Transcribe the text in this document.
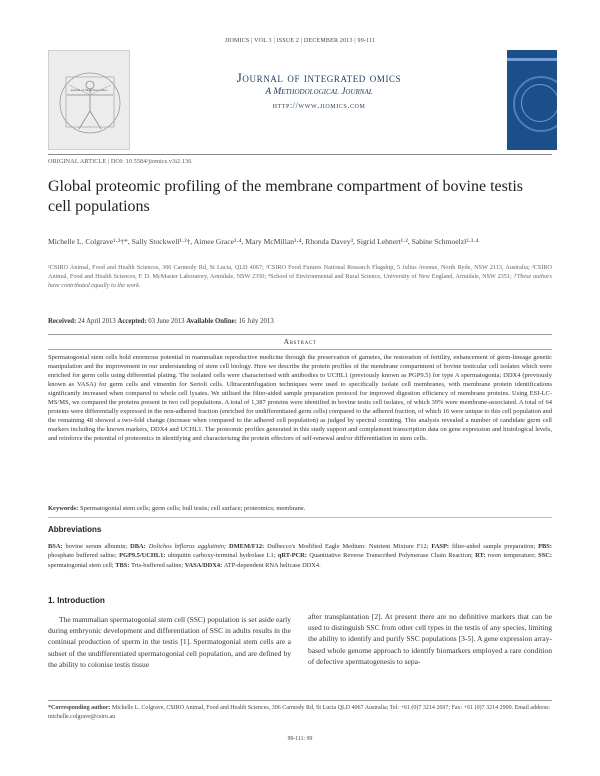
JIOMICS | VOL 3 | ISSUE 2 | DECEMBER 2013 | 99-111
journal of integrated omics
Journal of integrated omics
A Methodological Journal
http://www.jiomics.com
ORIGINAL ARTICLE | DOI: 10.5584/jiomics.v3i2.136
Global proteomic profiling of the membrane compartment of bovine testis cell populations
Michelle L. Colgrave¹·²†*, Sally Stockwell¹·²†, Aimee Grace³·⁴, Mary McMillan³·⁴, Rhonda Davey³, Sigrid Lehnert¹·², Sabine Schmoelzl²·³·⁴
¹CSIRO Animal, Food and Health Sciences, 306 Carmody Rd, St Lucia, QLD 4067; ²CSIRO Food Futures National Research Flagship, 5 Julius Avenue, North Ryde, NSW 2113, Australia; ³CSIRO Animal, Food and Health Sciences, F. D. McMaster Laboratory, Armidale, NSW 2350; ⁴School of Environmental and Rural Science, University of New England, Armidale, NSW 2351; †These authors have contributed equally to the work.
Received: 24 April 2013 Accepted: 03 June 2013 Available Online: 16 July 2013
Abstract
Spermatogonial stem cells hold enormous potential in mammalian reproductive medicine through the preservation of gametes, the restoration of fertility, enhancement of germ-lineage genetic manipulation and the improvement in our understanding of stem cell biology. Here we describe the protein profiles of the membrane compartment of bovine testicular cell isolates which were enriched for germ cells using differential plating. The isolated cells were characterised with antibodies to UCHL1 (previously known as PGP9.5) for type A spermatogonia; DDX4 (previously known as VASA) for germ cells and vimentin for Sertoli cells. Ultracentrifugation techniques were used to specifically isolate cell membranes, with membrane protein identifications significantly increased when compared to whole cell lysates. We utilised the filter-aided sample preparation protocol for improved digestion efficiency of membrane proteins. Using ESI-LC-MS/MS, we compared the proteins present in two cell populations. A total of 1,387 proteins were identified in bovine testis cell isolates, of which 39% were membrane-associated. A total of 64 proteins were differentially expressed in the non-adhered fraction (enriched for undifferentiated germ cells) compared to the adhered fraction, of which 16 were unique to this cell population and the remaining 48 showed a two-fold change (increase when compared to the adhered cell population) as judged by spectral counting. This analysis revealed a number of candidate germ cell markers including the known markers, DDX4 and UCHL1. The proteomic profiles generated in this study support and complement transcription data on gene expression and histological levels, and reinforce the potential of proteomics in identifying and characterising the protein effectors of self-renewal and/or differentiation in stem cells.
Keywords: Spermatogonial stem cells; germ cells; bull testis; cell surface; proteomics; membrane.
Abbreviations
BSA: bovine serum albumin; DBA: Dolichos biflorus agglutinin; DMEM/F12: Dulbecco's Modified Eagle Medium: Nutrient Mixture F12; FASP: filter-aided sample preparation; PBS: phosphate buffered saline; PGP9.5/UCHL1: ubiquitin carboxy-terminal hydrolase L1; qRT-PCR: Quantitative Reverse Transcribed Polymerase Chain Reaction; RT: room temperature; SSC: spermatogonial stem cell; TBS: Tris-buffered saline; VASA/DDX4: ATP-dependent RNA helicase DDX4.
1. Introduction
The mammalian spermatogonial stem cell (SSC) population is set aside early during embryonic development and differentiation of SSC in adults results in the continual production of sperm in the testis [1]. Spermatogonial stem cells are a subset of the undifferentiated spermatogonial cell population, and are defined by the ability to colonise testis tissue
after transplantation [2]. At present there are no definitive markers that can be used to distinguish SSC from other cell types in the testis of any species, limiting the ability to identify and purify SSC populations [3-5]. A gene expression array-based whole genome approach to identify biomarkers employed a rare condition of defective spermatogenesis to sepa-
*Corresponding author: Michelle L. Colgrave, CSIRO Animal, Food and Health Sciences, 306 Carmody Rd, St Lucia QLD 4067 Australia; Tel: +61 (0)7 3214 2697; Fax: +61 (0)7 3214 2900. Email address: michelle.colgrave@csiro.au
99-111: 99
